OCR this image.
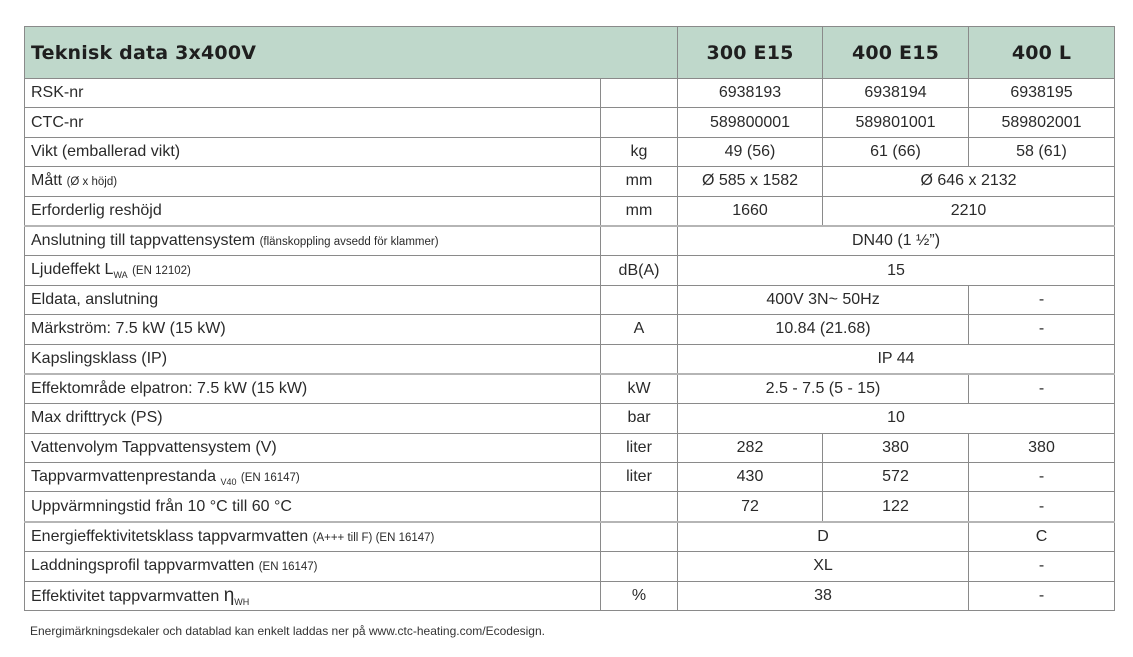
Teknisk data 3x400V		300 E15	400 E15	400 L
RSK-nr		6938193	6938194	6938195
CTC-nr		589800001	589801001	589802001
Vikt (emballerad vikt)	kg	49 (56)	61 (66)	58 (61)
Mått (Ø x höjd)	mm	Ø 585 x 1582	Ø 646 x 2132	
Erforderlig reshöjd	mm	1660	2210	
Anslutning till tappvattensystem (flänskoppling avsedd för klammer)		DN40 (1 ½”)		
Ljudeffekt $L_{WA}$ (EN 12102)	dB(A)	15		
Eldata, anslutning		400V 3N~ 50Hz		-
Märkström: 7.5 kW (15 kW)	A	10.84 (21.68)		-
Kapslingsklass (IP)		IP 44		
Effektområde elpatron: 7.5 kW (15 kW)	kW	2.5 - 7.5 (5 - 15)		-
Max drifttryck (PS)	bar	10		
Vattenvolym Tappvattensystem (V)	liter	282	380	380
Tappvarmvattenprestanda $_{V40}$ (EN 16147)	liter	430	572	-
Uppvärmningstid från 10 °C till 60 °C		72	122	-
Energieffektivitetsklass tappvarmvatten (A+++ till F) (EN 16147)		D		C
Laddningsprofil tappvarmvatten (EN 16147)		XL		-
Effektivitet tappvarmvatten $\eta_{WH}$	%	38		-
Energimärkningsdekaler och datablad kan enkelt laddas ner på www.ctc-heating.com/Ecodesign.
